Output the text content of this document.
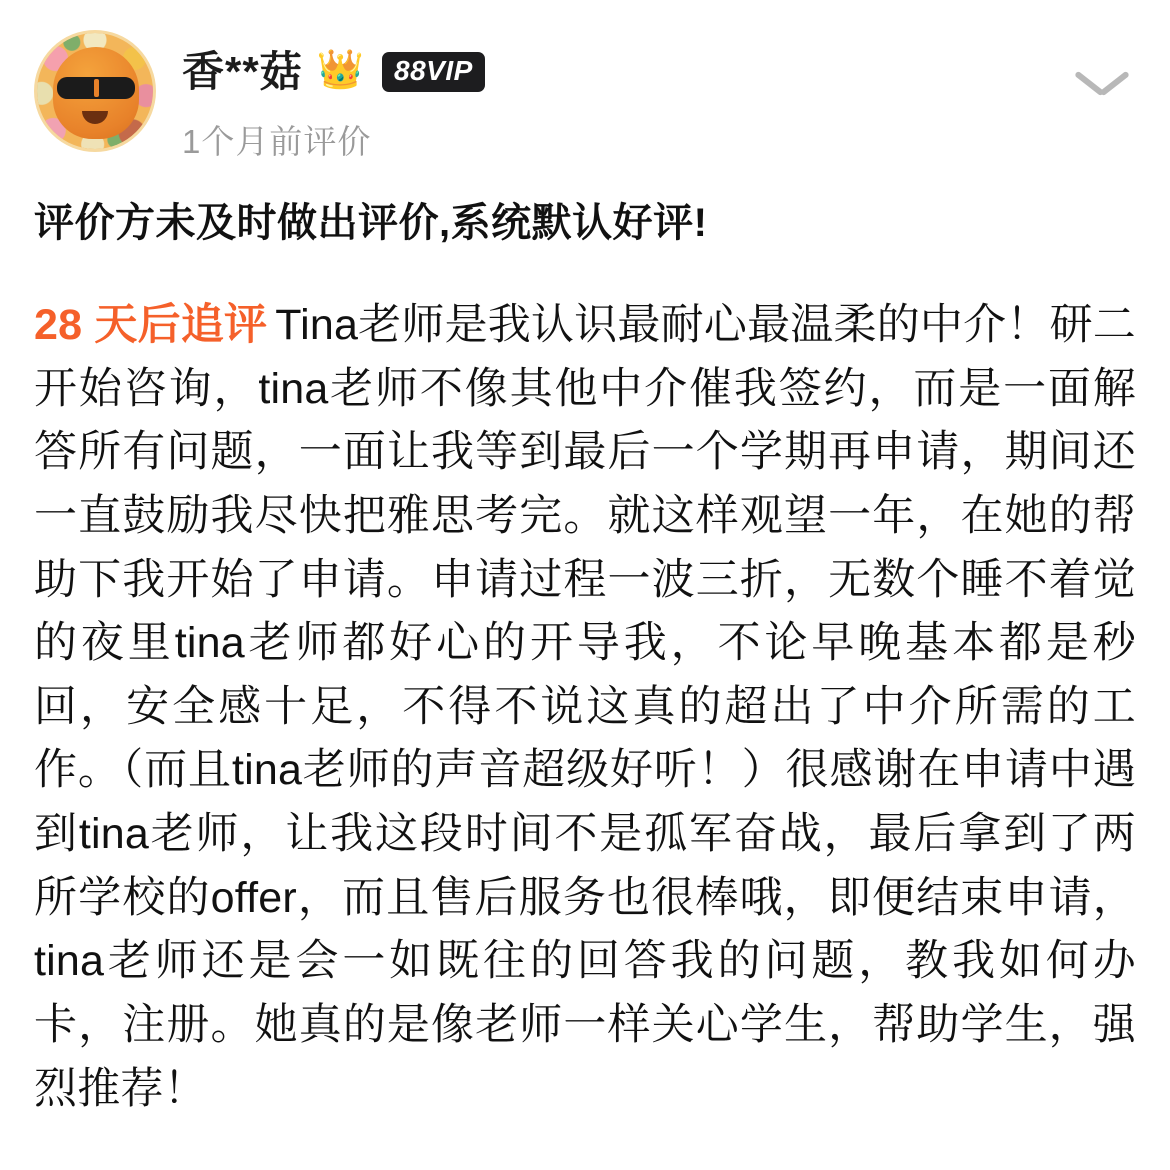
香**菇 👑	88VIP
1个月前评价
评价方未及时做出评价,系统默认好评!
28 天后追评 Tina老师是我认识最耐心最温柔的中介！研二开始咨询，tina老师不像其他中介催我签约，而是一面解答所有问题，一面让我等到最后一个学期再申请，期间还一直鼓励我尽快把雅思考完。就这样观望一年，在她的帮助下我开始了申请。申请过程一波三折，无数个睡不着觉的夜里tina老师都好心的开导我，不论早晚基本都是秒回，安全感十足，不得不说这真的超出了中介所需的工作。（而且tina老师的声音超级好听！）很感谢在申请中遇到tina老师，让我这段时间不是孤军奋战，最后拿到了两所学校的offer，而且售后服务也很棒哦，即便结束申请，tina老师还是会一如既往的回答我的问题，教我如何办卡，注册。她真的是像老师一样关心学生，帮助学生，强烈推荐！
